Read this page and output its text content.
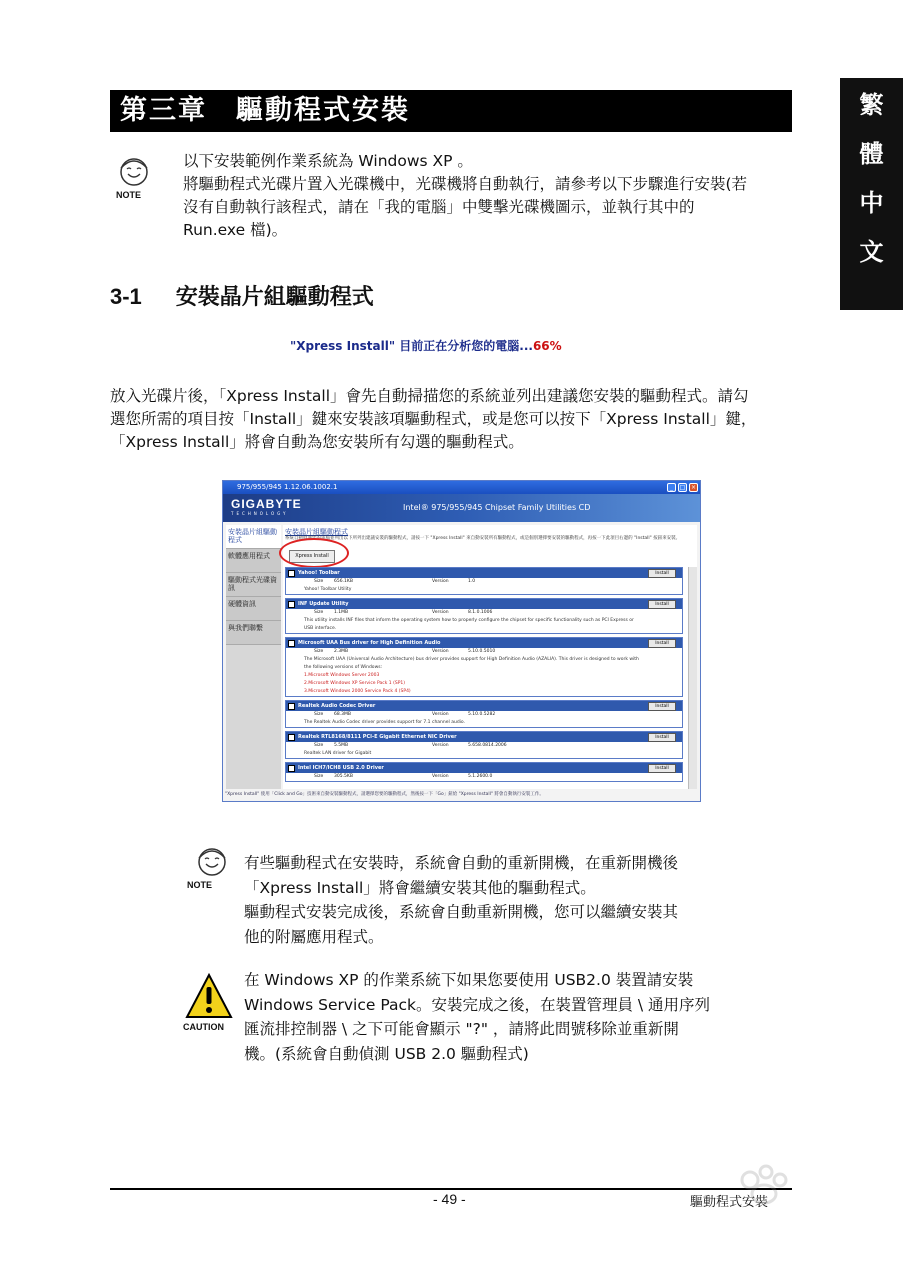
第三章　驅動程式安裝	繁
體
中
文
NOTE
以下安裝範例作業系統為 Windows XP 。
將驅動程式光碟片置入光碟機中，光碟機將自動執行，請參考以下步驟進行安裝(若
沒有自動執行該程式，請在「我的電腦」中雙擊光碟機圖示，並執行其中的
Run.exe 檔)。
3-1 安裝晶片組驅動程式
"Xpress Install" 目前正在分析您的電腦...66%
放入光碟片後，「Xpress Install」會先自動掃描您的系統並列出建議您安裝的驅動程式。請勾
選您所需的項目按「Install」鍵來安裝該項驅動程式，或是您可以按下「Xpress Install」鍵，
「Xpress Install」將會自動為您安裝所有勾選的驅動程式。
975/955/945 1.12.06.1002.1	_	□ ×
GIGABYTE
TECHNOLOGY
Intel® 975/955/945 Chipset Family Utilities CD
安裝晶片組驅動程式
軟體應用程式
驅動程式光碟資訊
硬體資訊
與我們聯繫
安裝晶片組驅動程式
系統自動偵測您的電腦並列出以下所列出建議安裝的驅動程式，請按一下 "Xpress Install" 來自動安裝所有驅動程式，或是個別選擇要安裝的驅動程式，再按一下此項目右邊的 "Install" 按鈕來安裝。
Xpress Install
Yahoo! Toolbar	Install
Size 656.1KB	Version	1.0
Yahoo! Toolbar Utility
INF Update Utility	Install
Size 1.1MB	Version	8.1.0.1006
This utility installs INF files that inform the operating system how to properly configure the chipset for specific functionality such as PCI Express or
USB interface.
Microsoft UAA Bus driver for High Definition Audio	Install
Size 2.3MB	Version	5.10.0.5010
The Microsoft UAA (Universal Audio Architecture) bus driver provides support for High Definition Audio (AZALIA). This driver is designed to work with
the following versions of Windows:
1.Microsoft Windows Server 2003
2.Microsoft Windows XP Service Pack 1 (SP1)
3.Microsoft Windows 2000 Service Pack 4 (SP4)
Realtek Audio Codec Driver	Install
Size 68.3MB	Version	5.10.0.5282
The Realtek Audio Codec driver provides support for 7.1 channel audio.
Realtek RTL8168/8111 PCI-E Gigabit Ethernet NIC Driver	Install
Size 5.5MB	Version	5.658.0814.2006
Realtek LAN driver for Gigabit
Intel ICH7/ICH8 USB 2.0 Driver	Install
Size 305.5KB	Version	5.1.2600.0
"Xpress Install" 使用「Click and Go」技術來自動安裝驅動程式，請選擇您要的驅動程式，然後按一下「Go」鈕給 "Xpress Install" 將會自動執行安裝工作。
NOTE
有些驅動程式在安裝時，系統會自動的重新開機，在重新開機後
「Xpress Install」將會繼續安裝其他的驅動程式。
驅動程式安裝完成後，系統會自動重新開機，您可以繼續安裝其
他的附屬應用程式。
CAUTION
在 Windows XP 的作業系統下如果您要使用 USB2.0 裝置請安裝
Windows Service Pack。安裝完成之後，在裝置管理員 \ 通用序列
匯流排控制器 \ 之下可能會顯示 "?" ，請將此問號移除並重新開
機。(系統會自動偵測 USB 2.0 驅動程式)
- 49 -	驅動程式安裝
